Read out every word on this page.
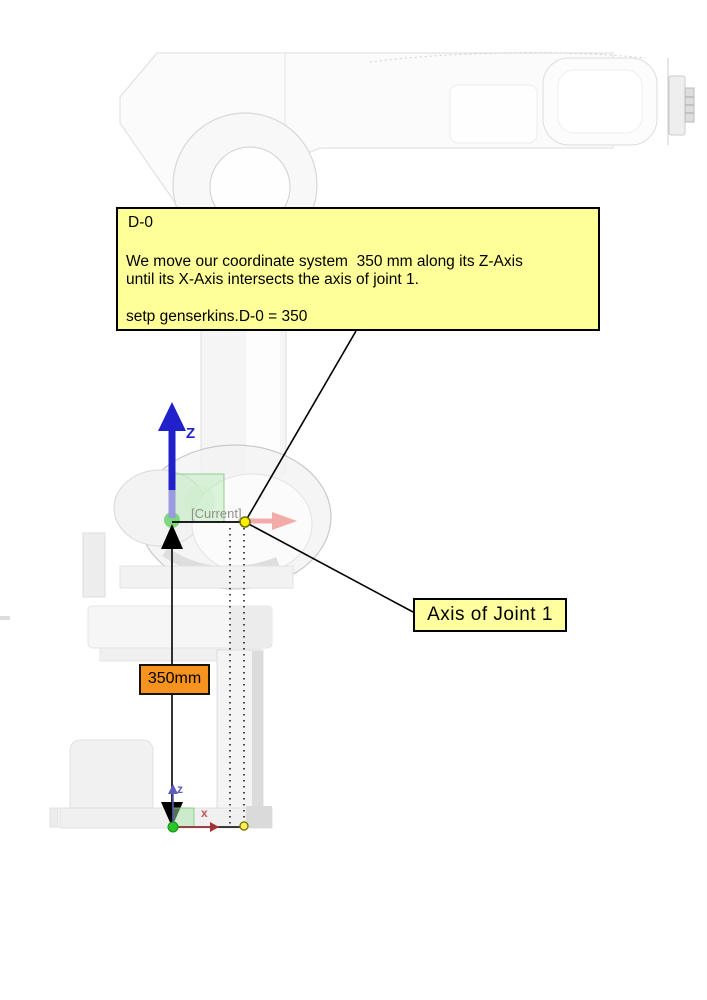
D-0
We move our coordinate system  350 mm along its Z-Axis
until its X-Axis intersects the axis of joint 1.
setp genserkins.D-0 = 350
Axis of Joint 1
350mm
[Current]
Z
z
x
